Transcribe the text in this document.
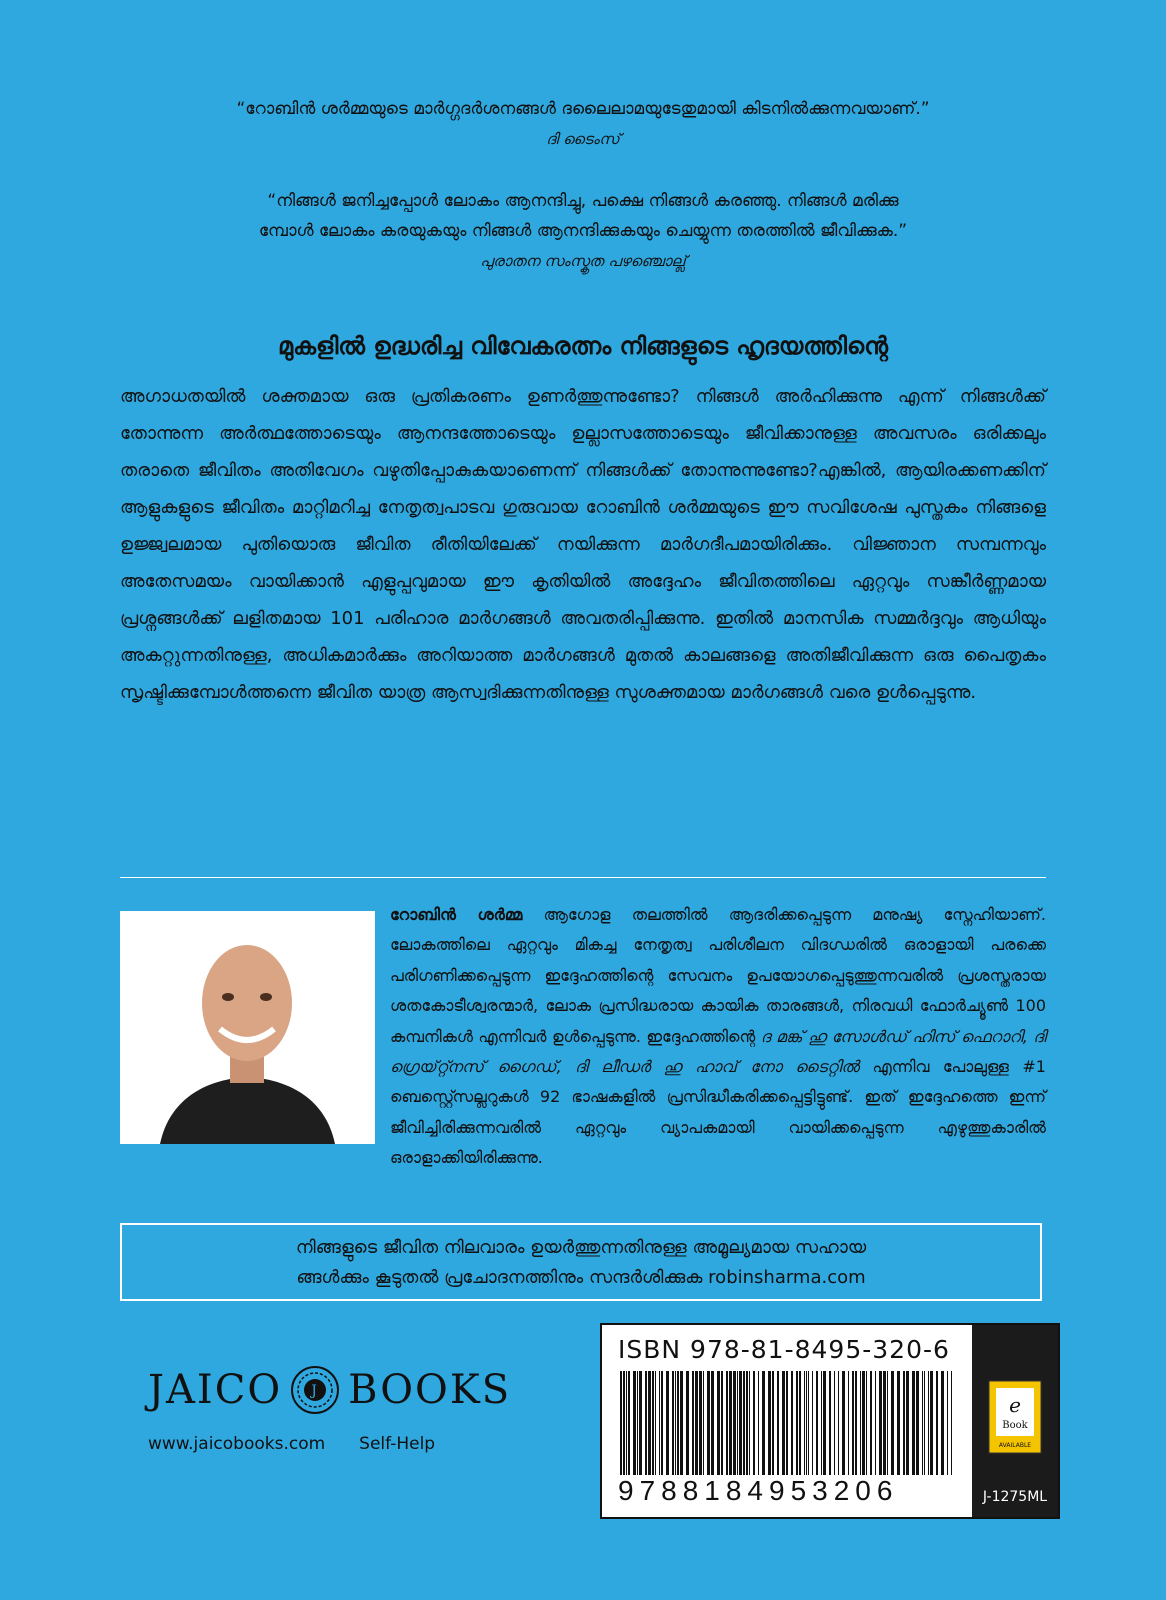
“റോബിൻ ശർമ്മയുടെ മാർഗ്ഗദർശനങ്ങൾ ദലൈലാമയുടേതുമായി കിടനിൽക്കുന്നവയാണ്.”
ദി ടൈംസ്
“നിങ്ങൾ ജനിച്ചപ്പോൾ ലോകം ആനന്ദിച്ചു, പക്ഷെ നിങ്ങൾ കരഞ്ഞു. നിങ്ങൾ മരിക്കു
മ്പോൾ ലോകം കരയുകയും നിങ്ങൾ ആനന്ദിക്കുകയും ചെയ്യുന്ന തരത്തിൽ ജീവിക്കുക.”
പുരാതന സംസ്കൃത പഴഞ്ചൊല്ല്
മുകളിൽ ഉദ്ധരിച്ച വിവേകരത്നം നിങ്ങളുടെ ഹൃദയത്തിന്റെ
അഗാധതയിൽ ശക്തമായ ഒരു പ്രതികരണം ഉണർത്തുന്നുണ്ടോ? നിങ്ങൾ അർഹിക്കുന്നു എന്ന് നിങ്ങൾക്ക് തോന്നുന്ന അർത്ഥത്തോടെയും ആനന്ദത്തോടെയും ഉല്ലാസത്തോടെയും ജീവിക്കാനുള്ള അവസരം ഒരിക്കലും തരാതെ ജീവിതം അതിവേഗം വഴുതിപ്പോകുകയാണെന്ന് നിങ്ങൾക്ക് തോന്നുന്നുണ്ടോ?എങ്കിൽ, ആയിരക്കണക്കിന് ആളുകളുടെ ജീവിതം മാറ്റിമറിച്ച നേതൃത്വപാടവ ഗുരുവായ റോബിൻ ശർമ്മയുടെ ഈ സവിശേഷ പുസ്തകം നിങ്ങളെ ഉജ്ജ്വലമായ പുതിയൊരു ജീവിത രീതിയിലേക്ക് നയിക്കുന്ന മാർഗദീപമായിരിക്കും. വിജ്ഞാന സമ്പന്നവും അതേസമയം വായിക്കാൻ എളുപ്പവുമായ ഈ കൃതിയിൽ അദ്ദേഹം ജീവിതത്തിലെ ഏറ്റവും സങ്കീർണ്ണമായ പ്രശ്നങ്ങൾക്ക് ലളിതമായ 101 പരിഹാര മാർഗങ്ങൾ അവതരിപ്പിക്കുന്നു. ഇതിൽ മാനസിക സമ്മർദ്ദവും ആധിയും അകറ്റുന്നതിനുള്ള, അധികമാർക്കും അറിയാത്ത മാർഗങ്ങൾ മുതൽ കാലങ്ങളെ അതിജീവിക്കുന്ന ഒരു പൈതൃകം സൃഷ്ടിക്കുമ്പോൾത്തന്നെ ജീവിത യാത്ര ആസ്വദിക്കുന്നതിനുള്ള സുശക്തമായ മാർഗങ്ങൾ വരെ ഉൾപ്പെടുന്നു.
റോബിൻ ശർമ്മ ആഗോള തലത്തിൽ ആദരിക്കപ്പെടുന്ന മനുഷ്യ സ്നേഹിയാണ്. ലോകത്തിലെ ഏറ്റവും മികച്ച നേതൃത്വ പരിശീലന വിദഗ്ധരിൽ ഒരാളായി പരക്കെ പരിഗണിക്കപ്പെടുന്ന ഇദ്ദേഹത്തിന്റെ സേവനം ഉപയോഗപ്പെടുത്തുന്നവരിൽ പ്രശസ്തരായ ശതകോടീശ്വരന്മാർ, ലോക പ്രസിദ്ധരായ കായിക താരങ്ങൾ, നിരവധി ഫോർച്യൂൺ 100 കമ്പനികൾ എന്നിവർ ഉൾപ്പെടുന്നു. ഇദ്ദേഹത്തിന്റെ ദ മങ്ക് ഹു സോൾഡ് ഹിസ് ഫെറാറി, ദി ഗ്രെയ്റ്റ്നസ് ഗൈഡ്, ദി ലീഡർ ഹു ഹാവ് നോ ടൈറ്റിൽ എന്നിവ പോലുള്ള #1 ബെസ്റ്റ്സെല്ലറുകൾ 92 ഭാഷകളിൽ പ്രസിദ്ധീകരിക്കപ്പെട്ടിട്ടുണ്ട്. ഇത് ഇദ്ദേഹത്തെ ഇന്ന് ജീവിച്ചിരിക്കുന്നവരിൽ ഏറ്റവും വ്യാപകമായി വായിക്കപ്പെടുന്ന എഴുത്തുകാരിൽ ഒരാളാക്കിയിരിക്കുന്നു.
നിങ്ങളുടെ ജീവിത നിലവാരം ഉയർത്തുന്നതിനുള്ള അമൂല്യമായ സഹായ
ങ്ങൾക്കും കൂടുതൽ പ്രചോദനത്തിനും സന്ദർശിക്കുക robinsharma.com
JAICO J BOOKS
www.jaicobooks.com Self-Help
ISBN 978-81-8495-320-6
9788184953206
e
Book
AVAILABLE
J-1275ML
